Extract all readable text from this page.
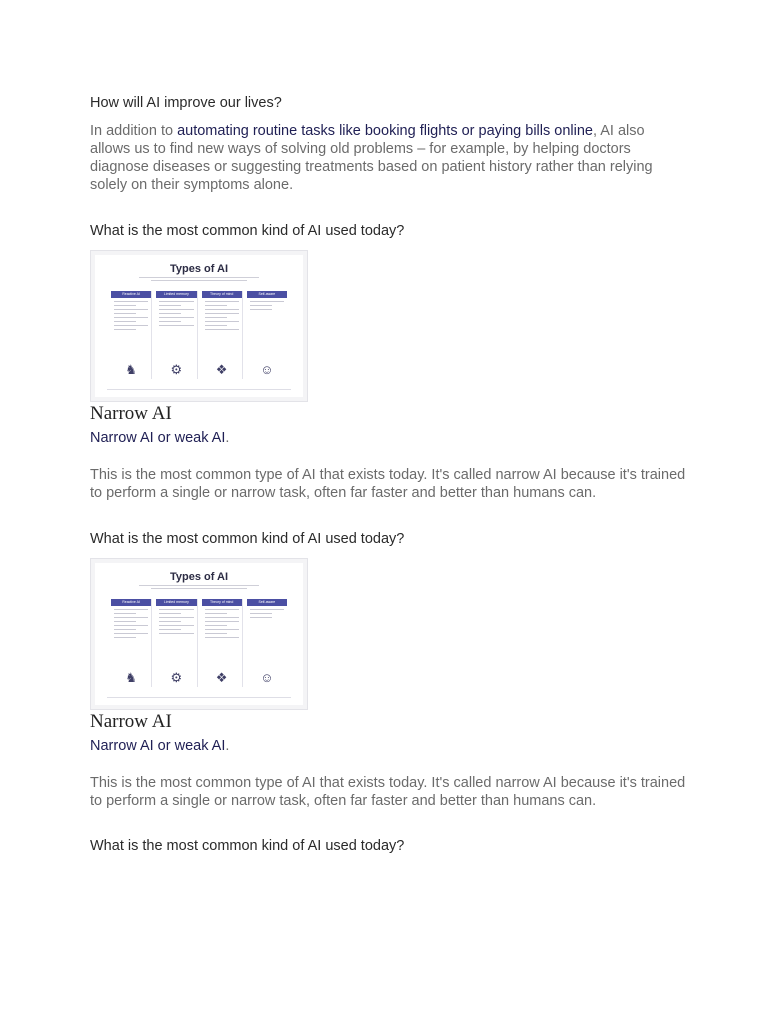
How will AI improve our lives?
In addition to automating routine tasks like booking flights or paying bills online, AI also allows us to find new ways of solving old problems – for example, by helping doctors diagnose diseases or suggesting treatments based on patient history rather than relying solely on their symptoms alone.
What is the most common kind of AI used today?
Types of AI
Reactive AI
♞
Limited memory
⚙
Theory of mind
❖
Self-aware
☺
Narrow AI
Narrow AI or weak AI.
This is the most common type of AI that exists today. It's called narrow AI because it's trained to perform a single or narrow task, often far faster and better than humans can.
What is the most common kind of AI used today?
Types of AI
Reactive AI
♞
Limited memory
⚙
Theory of mind
❖
Self-aware
☺
Narrow AI
Narrow AI or weak AI.
This is the most common type of AI that exists today. It's called narrow AI because it's trained to perform a single or narrow task, often far faster and better than humans can.
What is the most common kind of AI used today?
